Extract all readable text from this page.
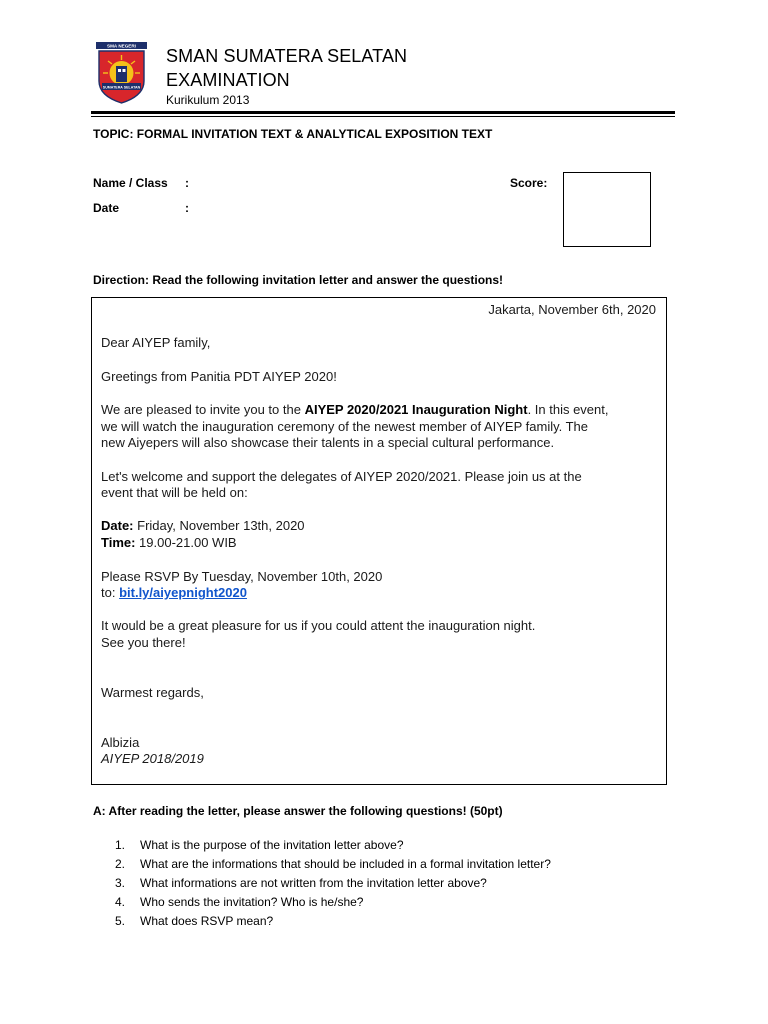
SMA NEGERI
SUMATERA SELATAN
SMAN SUMATERA SELATAN
EXAMINATION
Kurikulum 2013
TOPIC: FORMAL INVITATION TEXT & ANALYTICAL EXPOSITION TEXT
Name / Class :
Date	:
Score:
Direction: Read the following invitation letter and answer the questions!
Jakarta, November 6th, 2020
Dear AIYEP family,
Greetings from Panitia PDT AIYEP 2020!
We are pleased to invite you to the AIYEP 2020/2021 Inauguration Night. In this event,
we will watch the inauguration ceremony of the newest member of AIYEP family. The
new Aiyepers will also showcase their talents in a special cultural performance.
Let's welcome and support the delegates of AIYEP 2020/2021. Please join us at the
event that will be held on:
Date: Friday, November 13th, 2020
Time: 19.00-21.00 WIB
Please RSVP By Tuesday, November 10th, 2020
to: bit.ly/aiyepnight2020
It would be a great pleasure for us if you could attent the inauguration night.
See you there!
Warmest regards,
Albizia
AIYEP 2018/2019
A: After reading the letter, please answer the following questions! (50pt)
1. What is the purpose of the invitation letter above?
2. What are the informations that should be included in a formal invitation letter?
3. What informations are not written from the invitation letter above?
4. Who sends the invitation? Who is he/she?
5. What does RSVP mean?
